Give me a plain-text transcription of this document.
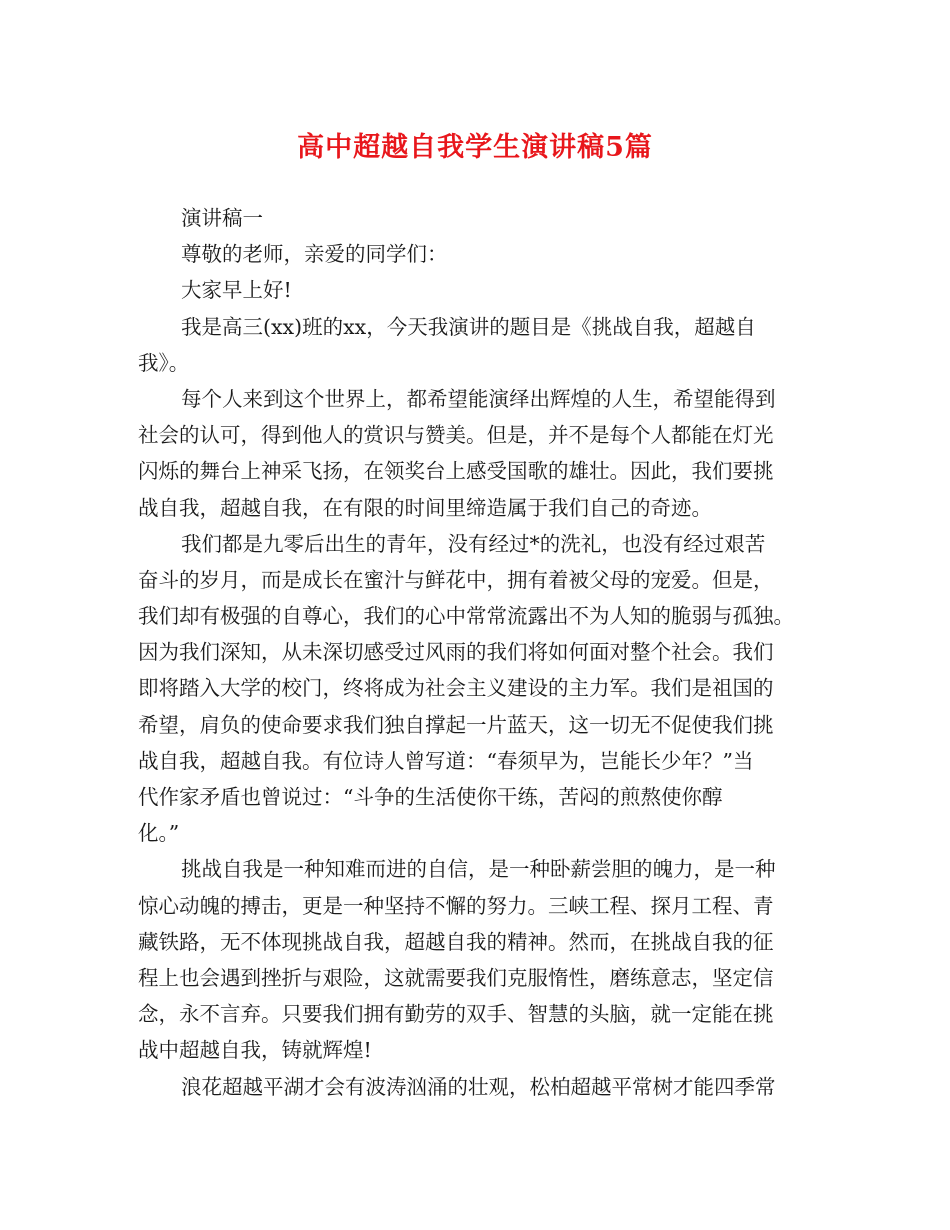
高中超越自我学生演讲稿5篇
演讲稿一
尊敬的老师，亲爱的同学们：
大家早上好!
我是高三(xx)班的xx，今天我演讲的题目是《挑战自我，超越自
我》。
每个人来到这个世界上，都希望能演绎出辉煌的人生，希望能得到
社会的认可，得到他人的赏识与赞美。但是，并不是每个人都能在灯光
闪烁的舞台上神采飞扬，在领奖台上感受国歌的雄壮。因此，我们要挑
战自我，超越自我，在有限的时间里缔造属于我们自己的奇迹。
我们都是九零后出生的青年，没有经过*的洗礼，也没有经过艰苦
奋斗的岁月，而是成长在蜜汁与鲜花中，拥有着被父母的宠爱。但是，
我们却有极强的自尊心，我们的心中常常流露出不为人知的脆弱与孤独。
因为我们深知，从未深切感受过风雨的我们将如何面对整个社会。我们
即将踏入大学的校门，终将成为社会主义建设的主力军。我们是祖国的
希望，肩负的使命要求我们独自撑起一片蓝天，这一切无不促使我们挑
战自我，超越自我。有位诗人曾写道：“春须早为，岂能长少年？”当
代作家矛盾也曾说过：“斗争的生活使你干练，苦闷的煎熬使你醇
化。”
挑战自我是一种知难而进的自信，是一种卧薪尝胆的魄力，是一种
惊心动魄的搏击，更是一种坚持不懈的努力。三峡工程、探月工程、青
藏铁路，无不体现挑战自我，超越自我的精神。然而，在挑战自我的征
程上也会遇到挫折与艰险，这就需要我们克服惰性，磨练意志，坚定信
念，永不言弃。只要我们拥有勤劳的双手、智慧的头脑，就一定能在挑
战中超越自我，铸就辉煌!
浪花超越平湖才会有波涛汹涌的壮观，松柏超越平常树才能四季常
